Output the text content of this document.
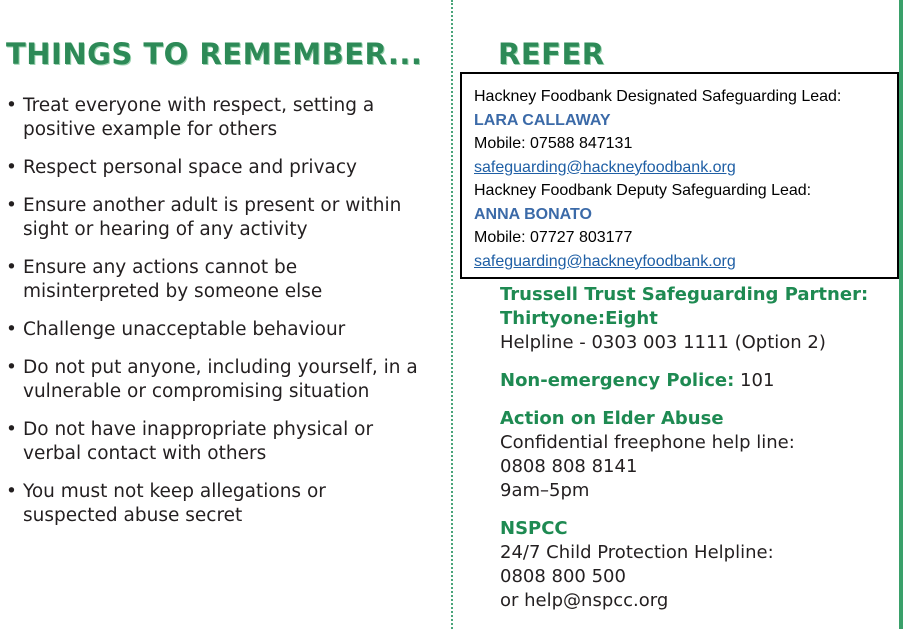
THINGS TO REMEMBER...
• Treat everyone with respect, setting a positive example for others
• Respect personal space and privacy
• Ensure another adult is present or within sight or hearing of any activity
• Ensure any actions cannot be misinterpreted by someone else
• Challenge unacceptable behaviour
• Do not put anyone, including yourself, in a vulnerable or compromising situation
• Do not have inappropriate physical or verbal contact with others
• You must not keep allegations or suspected abuse secret
REFER
Hackney Foodbank Designated Safeguarding Lead:
LARA CALLAWAY
Mobile: 07588 847131
safeguarding@hackneyfoodbank.org
Hackney Foodbank Deputy Safeguarding Lead:
ANNA BONATO
Mobile: 07727 803177
safeguarding@hackneyfoodbank.org
Trussell Trust Safeguarding Partner:
Thirtyone:Eight
Helpline - 0303 003 1111 (Option 2)
Non-emergency Police: 101
Action on Elder Abuse
Confidential freephone help line:
0808 808 8141
9am–5pm
NSPCC
24/7 Child Protection Helpline:
0808 800 500
or help@nspcc.org
